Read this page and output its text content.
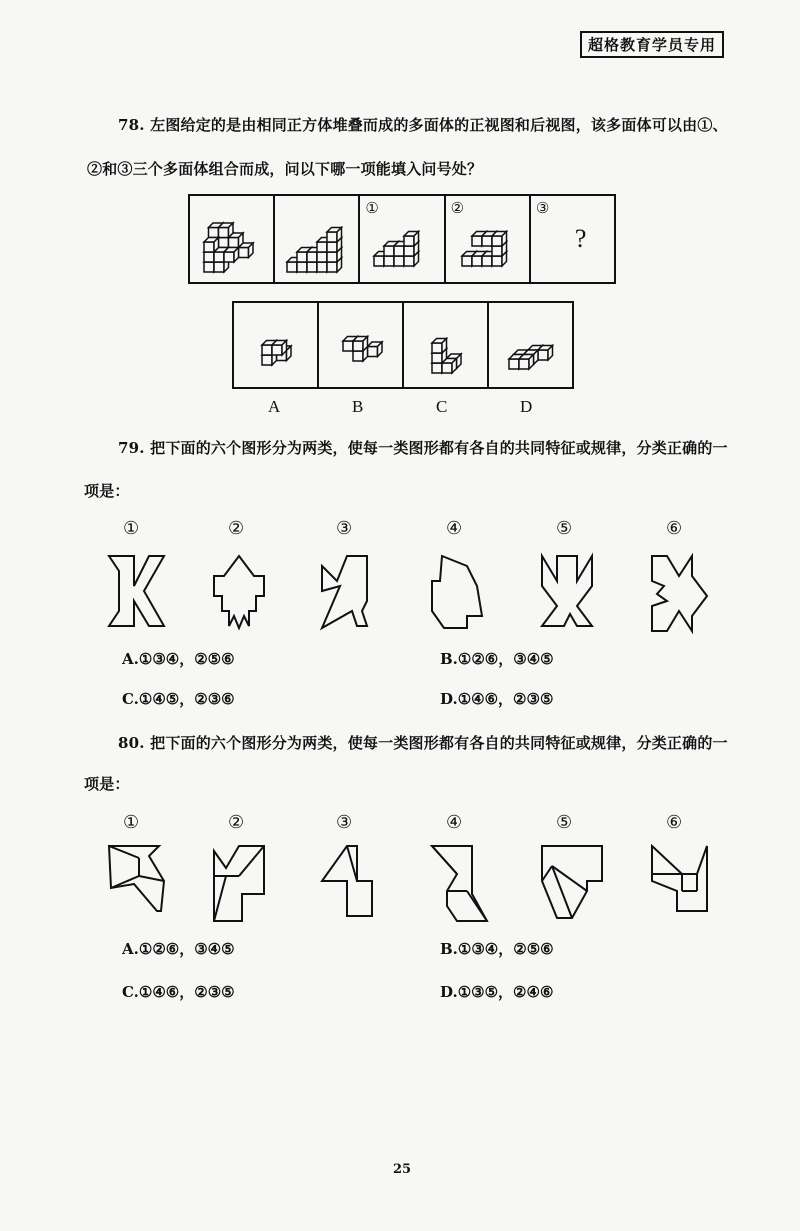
超格教育学员专用
78. 左图给定的是由相同正方体堆叠而成的多面体的正视图和后视图，该多面体可以由①、
②和③三个多面体组合而成，问以下哪一项能填入问号处？
①	②	③
?
A	B	C	D
79. 把下面的六个图形分为两类，使每一类图形都有各自的共同特征或规律，分类正确的一
项是：
①	②	③	④	⑤	⑥
A.①③④，②⑤⑥	B.①②⑥，③④⑤
C.①④⑤，②③⑥	D.①④⑥，②③⑤
80. 把下面的六个图形分为两类，使每一类图形都有各自的共同特征或规律，分类正确的一
项是：
①	②	③	④	⑤	⑥
A.①②⑥，③④⑤	B.①③④，②⑤⑥
C.①④⑥，②③⑤	D.①③⑤，②④⑥
25
